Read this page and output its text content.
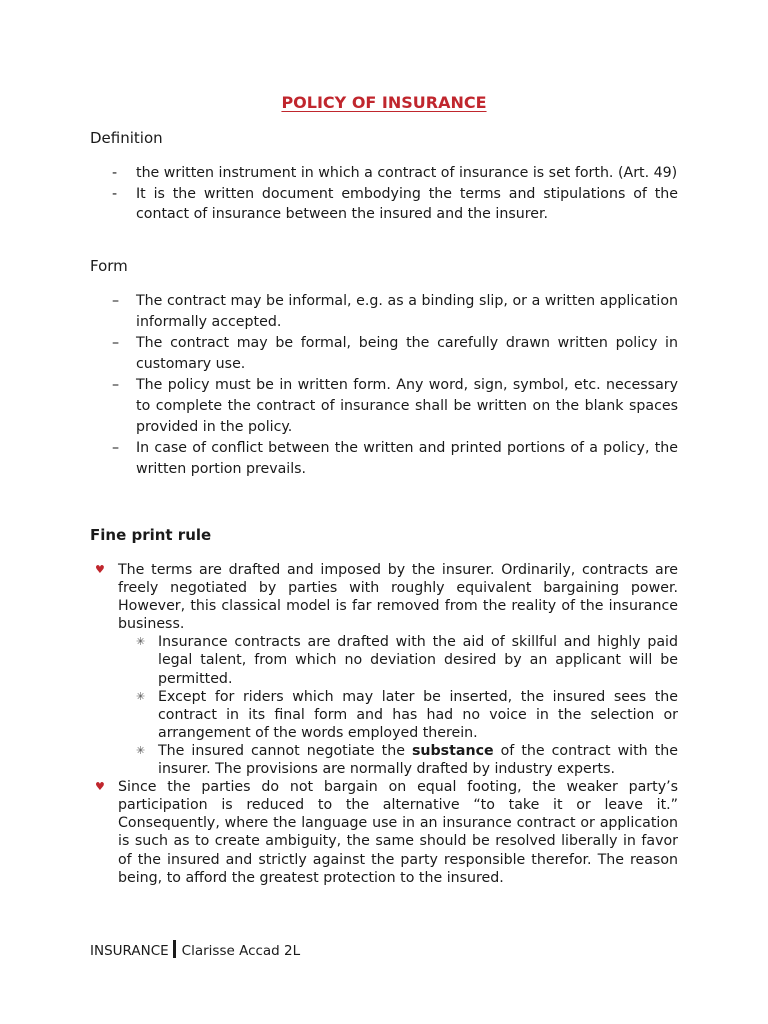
POLICY OF INSURANCE
Definition
- the written instrument in which a contract of insurance is set forth. (Art. 49)
- It is the written document embodying the terms and stipulations of the contact of insurance between the insured and the insurer.
Form
– The contract may be informal, e.g. as a binding slip, or a written application informally accepted.
– The contract may be formal, being the carefully drawn written policy in customary use.
– The policy must be in written form. Any word, sign, symbol, etc. necessary to complete the contract of insurance shall be written on the blank spaces provided in the policy.
– In case of conflict between the written and printed portions of a policy, the written portion prevails.
Fine print rule
♥ The terms are drafted and imposed by the insurer. Ordinarily, contracts are freely negotiated by parties with roughly equivalent bargaining power. However, this classical model is far removed from the reality of the insurance business.
✳ Insurance contracts are drafted with the aid of skillful and highly paid legal talent, from which no deviation desired by an applicant will be permitted.
✳ Except for riders which may later be inserted, the insured sees the contract in its final form and has had no voice in the selection or arrangement of the words employed therein.
✳ The insured cannot negotiate the substance of the contract with the insurer. The provisions are normally drafted by industry experts.
♥ Since the parties do not bargain on equal footing, the weaker party’s participation is reduced to the alternative “to take it or leave it.” Consequently, where the language use in an insurance contract or application is such as to create ambiguity, the same should be resolved liberally in favor of the insured and strictly against the party responsible therefor. The reason being, to afford the greatest protection to the insured.
INSURANCE Clarisse Accad 2L
